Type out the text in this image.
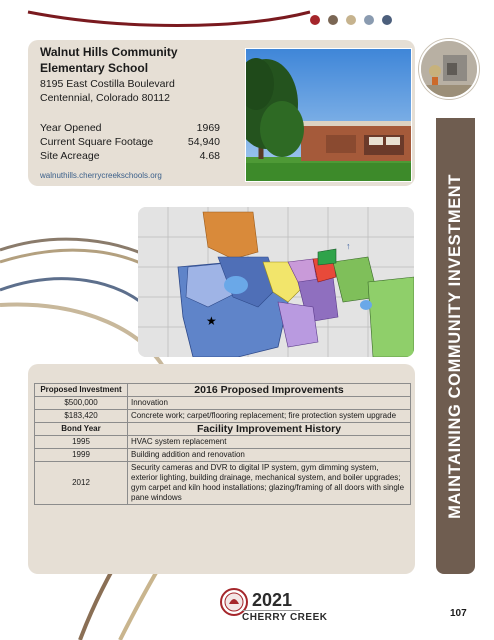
MAINTAINING COMMUNITY INVESTMENT
Walnut Hills Community Elementary School
8195 East Costilla Boulevard
Centennial, Colorado 80112
Year Opened	1969
Current Square Footage	54,940
Site Acreage	4.68
walnuthills.cherrycreekschools.org
★
↑
Proposed Investment	2016 Proposed Improvements
$500,000	Innovation
$183,420	Concrete work; carpet/flooring replacement; fire protection system upgrade
Bond Year	Facility Improvement History
1995	HVAC system replacement
1999	Building addition and renovation
2012	Security cameras and DVR to digital IP system, gym dimming system, exterior lighting, building drainage, mechanical system, and boiler upgrades; gym carpet and kiln hood installations; glazing/framing of all doors with single pane windows
2021
CHERRY CREEK	107
